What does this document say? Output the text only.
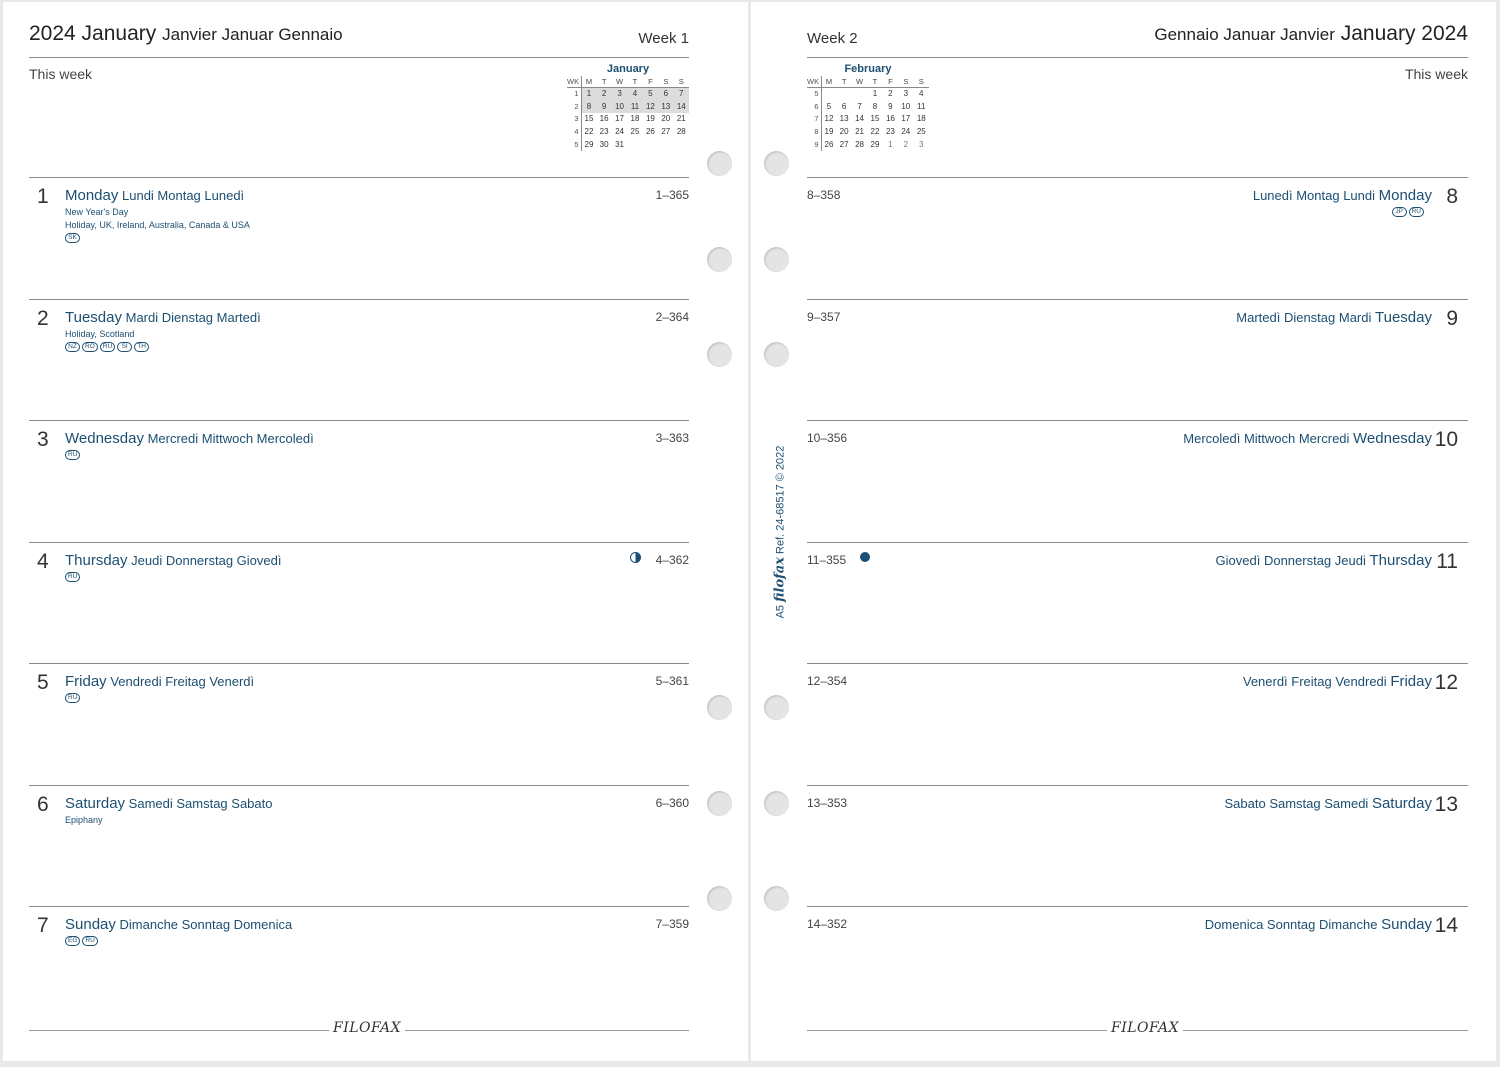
2024 January Janvier Januar Gennaio	Week 1
This week	January
WK	M	T	W	T	F	S	S
1	1	2	3	4	5	6	7
2	8	9	10	11	12	13	14
3	15	16	17	18	19	20	21
4	22	23	24	25	26	27	28
5	29	30	31				
1 Monday Lundi Montag Lunedì	1–365
New Year's Day
Holiday, UK, Ireland, Australia, Canada & USA
SK
2 Tuesday Mardi Dienstag Martedì	2–364
Holiday, Scotland
NZ	RO	RU	SI	TH
3 Wednesday Mercredi Mittwoch Mercoledì	3–363
RU
4 Thursday Jeudi Donnerstag Giovedì	4–362
RU
5 Friday Vendredi Freitag Venerdì	5–361
RU
6 Saturday Samedi Samstag Sabato	6–360
Epiphany
7 Sunday Dimanche Sonntag Domenica	7–359
EG	RU
FILOFAX
Week 2	Gennaio Januar Janvier January 2024
This week
February
WK	M	T	W	T	F	S	S
5				1	2	3	4
6	5	6	7	8	9	10	11
7	12	13	14	15	16	17	18
8	19	20	21	22	23	24	25
9	26	27	28	29	1	2	3
8
Lunedì Montag Lundi Monday
8–358
JP	RU
9
Martedì Dienstag Mardi Tuesday
9–357
10
Mercoledì Mittwoch Mercredi Wednesday
10–356
11
Giovedì Donnerstag Jeudi Thursday
11–355
12
Venerdì Freitag Vendredi Friday
12–354
13
Sabato Samstag Samedi Saturday
13–353
14
Domenica Sonntag Dimanche Sunday
14–352
FILOFAX
A5 filofax Ref. 24-68517 © 2022
